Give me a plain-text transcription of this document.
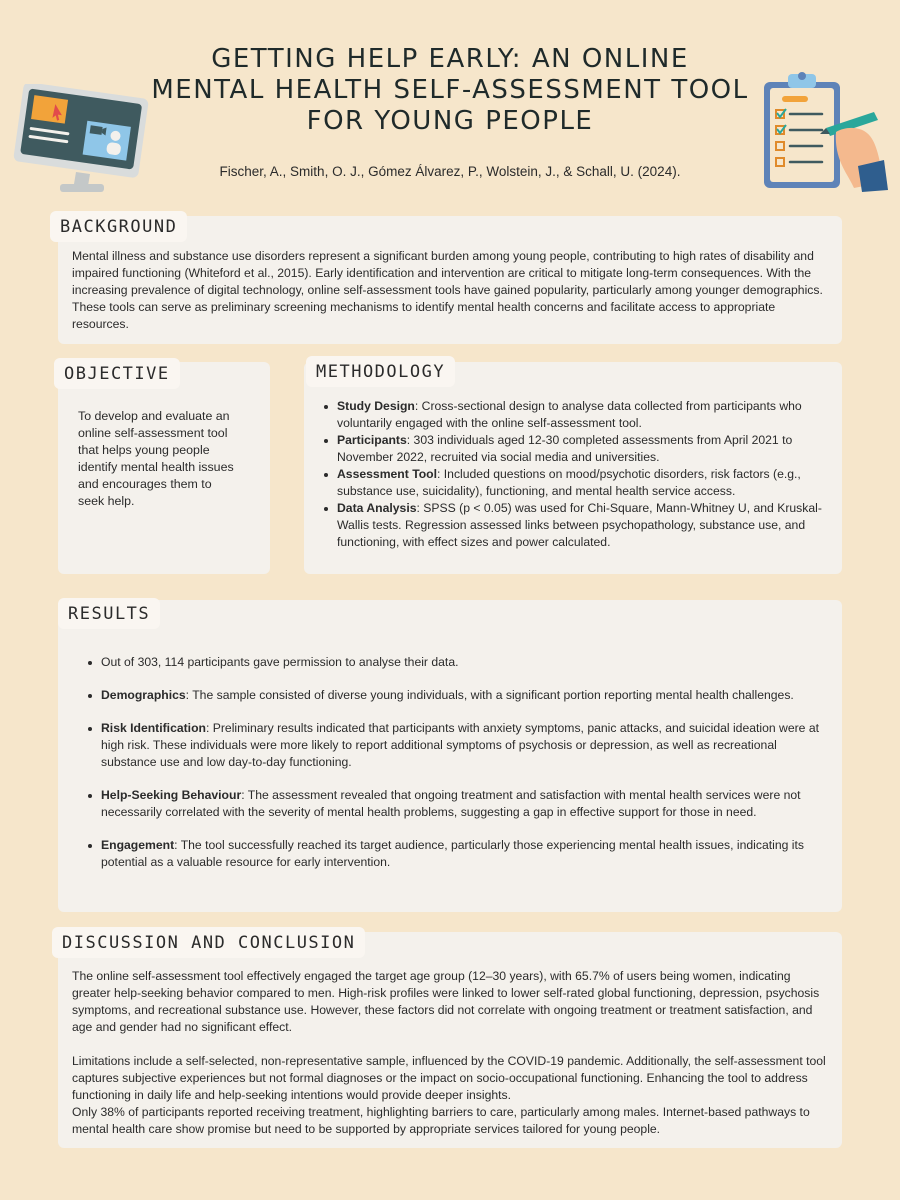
GETTING HELP EARLY: AN ONLINE MENTAL HEALTH SELF-ASSESSMENT TOOL FOR YOUNG PEOPLE
Fischer, A., Smith, O. J., Gómez Álvarez, P., Wolstein, J., & Schall, U. (2024).

Mental illness and substance use disorders represent a significant burden among young people, contributing to high rates of disability and impaired functioning (Whiteford et al., 2015). Early identification and intervention are critical to mitigate long-term consequences. With the increasing prevalence of digital technology, online self-assessment tools have gained popularity, particularly among younger demographics. These tools can serve as preliminary screening mechanisms to identify mental health concerns and facilitate access to appropriate resources.

BACKGROUND

To develop and evaluate an online self-assessment tool that helps young people identify mental health issues and encourages them to seek help.

OBJECTIVE
Study Design: Cross-sectional design to analyse data collected from participants who voluntarily engaged with the online self-assessment tool.
Participants: 303 individuals aged 12-30 completed assessments from April 2021 to November 2022, recruited via social media and universities.
Assessment Tool: Included questions on mood/psychotic disorders, risk factors (e.g., substance use, suicidality), functioning, and mental health service access.
Data Analysis: SPSS (p < 0.05) was used for Chi-Square, Mann-Whitney U, and Kruskal-Wallis tests. Regression assessed links between psychopathology, substance use, and functioning, with effect sizes and power calculated.
METHODOLOGY
Out of 303, 114 participants gave permission to analyse their data.
Demographics: The sample consisted of diverse young individuals, with a significant portion reporting mental health challenges.
Risk Identification: Preliminary results indicated that participants with anxiety symptoms, panic attacks, and suicidal ideation were at high risk. These individuals were more likely to report additional symptoms of psychosis or depression, as well as recreational substance use and low day-to-day functioning.
Help-Seeking Behaviour: The assessment revealed that ongoing treatment and satisfaction with mental health services were not necessarily correlated with the severity of mental health problems, suggesting a gap in effective support for those in need.
Engagement: The tool successfully reached its target audience, particularly those experiencing mental health issues, indicating its potential as a valuable resource for early intervention.
RESULTS

The online self-assessment tool effectively engaged the target age group (12–30 years), with 65.7% of users being women, indicating greater help-seeking behavior compared to men. High-risk profiles were linked to lower self-rated global functioning, depression, psychosis symptoms, and recreational substance use. However, these factors did not correlate with ongoing treatment or treatment satisfaction, and age and gender had no significant effect.

Limitations include a self-selected, non-representative sample, influenced by the COVID-19 pandemic. Additionally, the self-assessment tool captures subjective experiences but not formal diagnoses or the impact on socio-occupational functioning. Enhancing the tool to address functioning in daily life and help-seeking intentions would provide deeper insights.

Only 38% of participants reported receiving treatment, highlighting barriers to care, particularly among males. Internet-based pathways to mental health care show promise but need to be supported by appropriate services tailored for young people.

DISCUSSION AND CONCLUSION
